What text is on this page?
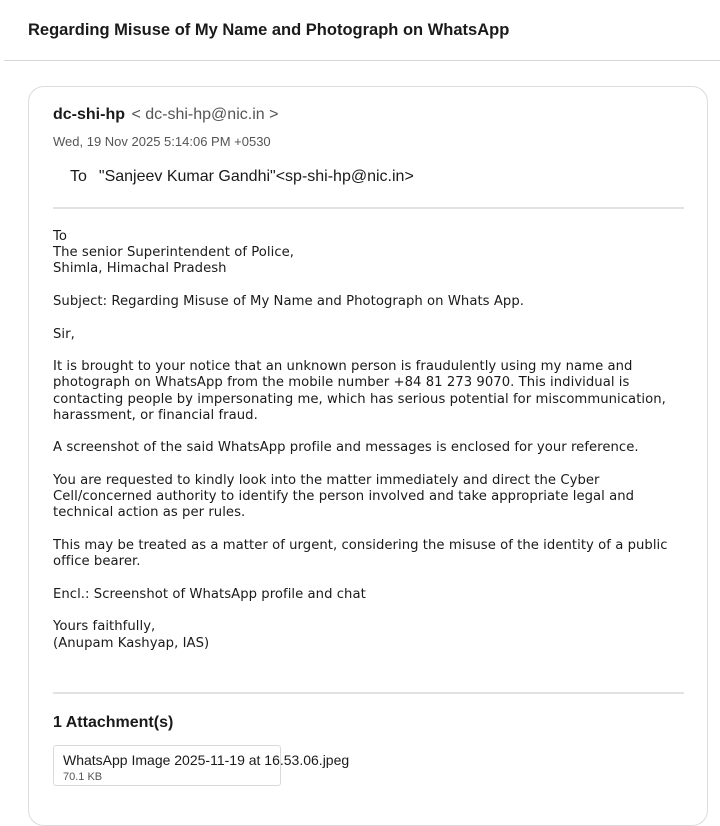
Regarding Misuse of My Name and Photograph on WhatsApp
dc-shi-hp < dc-shi-hp@nic.in >
Wed, 19 Nov 2025 5:14:06 PM +0530
To "Sanjeev Kumar Gandhi"<sp-shi-hp@nic.in>

To
The senior Superintendent of Police,
Shimla, Himachal Pradesh

Subject: Regarding Misuse of My Name and Photograph on Whats App.

Sir,

It is brought to your notice that an unknown person is fraudulently using my name and photograph on WhatsApp from the mobile number +84 81 273 9070. This individual is contacting people by impersonating me, which has serious potential for miscommunication, harassment, or financial fraud.

A screenshot of the said WhatsApp profile and messages is enclosed for your reference.

You are requested to kindly look into the matter immediately and direct the Cyber Cell/concerned authority to identify the person involved and take appropriate legal and technical action as per rules.

This may be treated as a matter of urgent, considering the misuse of the identity of a public office bearer.

Encl.: Screenshot of WhatsApp profile and chat

Yours faithfully,
(Anupam Kashyap, IAS)

1 Attachment(s)
WhatsApp Image 2025-11-19 at 16.53.06.jpeg
70.1 KB
